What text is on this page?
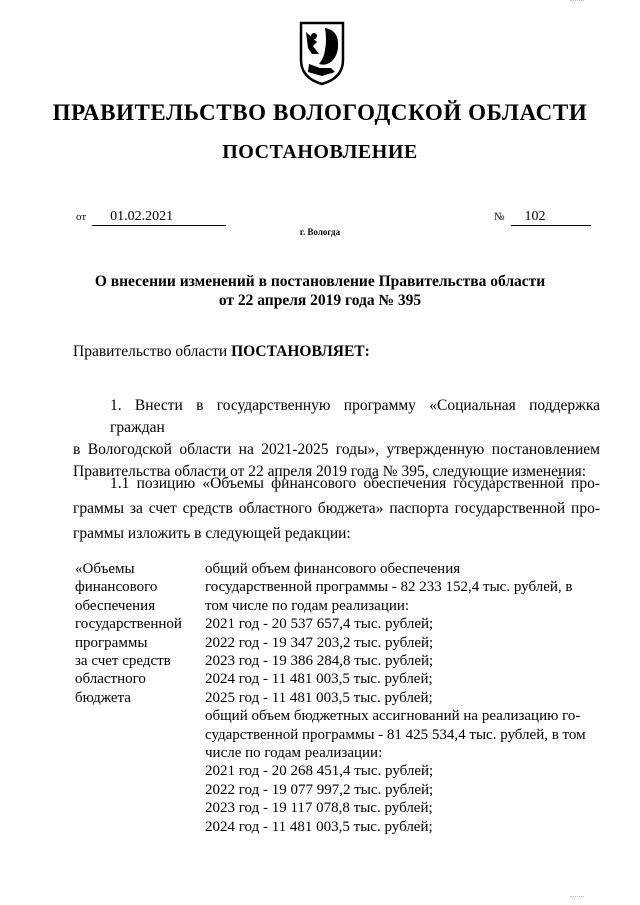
ПРАВИТЕЛЬСТВО ВОЛОГОДСКОЙ ОБЛАСТИ
ПОСТАНОВЛЕНИЕ
от 01.02.2021	№ 102
г. Вологда
О внесении изменений в постановление Правительства области
от 22 апреля 2019 года № 395
Правительство области ПОСТАНОВЛЯЕТ:
1. Внести в государственную программу «Социальная поддержка граждан
в Вологодской области на 2021-2025 годы», утвержденную постановлением
Правительства области от 22 апреля 2019 года № 395, следующие изменения:
1.1 позицию «Объемы финансового обеспечения государственной про-
граммы за счет средств областного бюджета» паспорта государственной про-
граммы изложить в следующей редакции:
«Объемы
финансового
обеспечения
государственной
программы
за счет средств
областного
бюджета
общий объем финансового обеспечения
государственной программы - 82 233 152,4 тыс. рублей, в
том числе по годам реализации:
2021 год - 20 537 657,4 тыс. рублей;
2022 год - 19 347 203,2 тыс. рублей;
2023 год - 19 386 284,8 тыс. рублей;
2024 год - 11 481 003,5 тыс. рублей;
2025 год - 11 481 003,5 тыс. рублей;
общий объем бюджетных ассигнований на реализацию го-
сударственной программы - 81 425 534,4 тыс. рублей, в том
числе по годам реализации:
2021 год - 20 268 451,4 тыс. рублей;
2022 год - 19 077 997,2 тыс. рублей;
2023 год - 19 117 078,8 тыс. рублей;
2024 год - 11 481 003,5 тыс. рублей;
